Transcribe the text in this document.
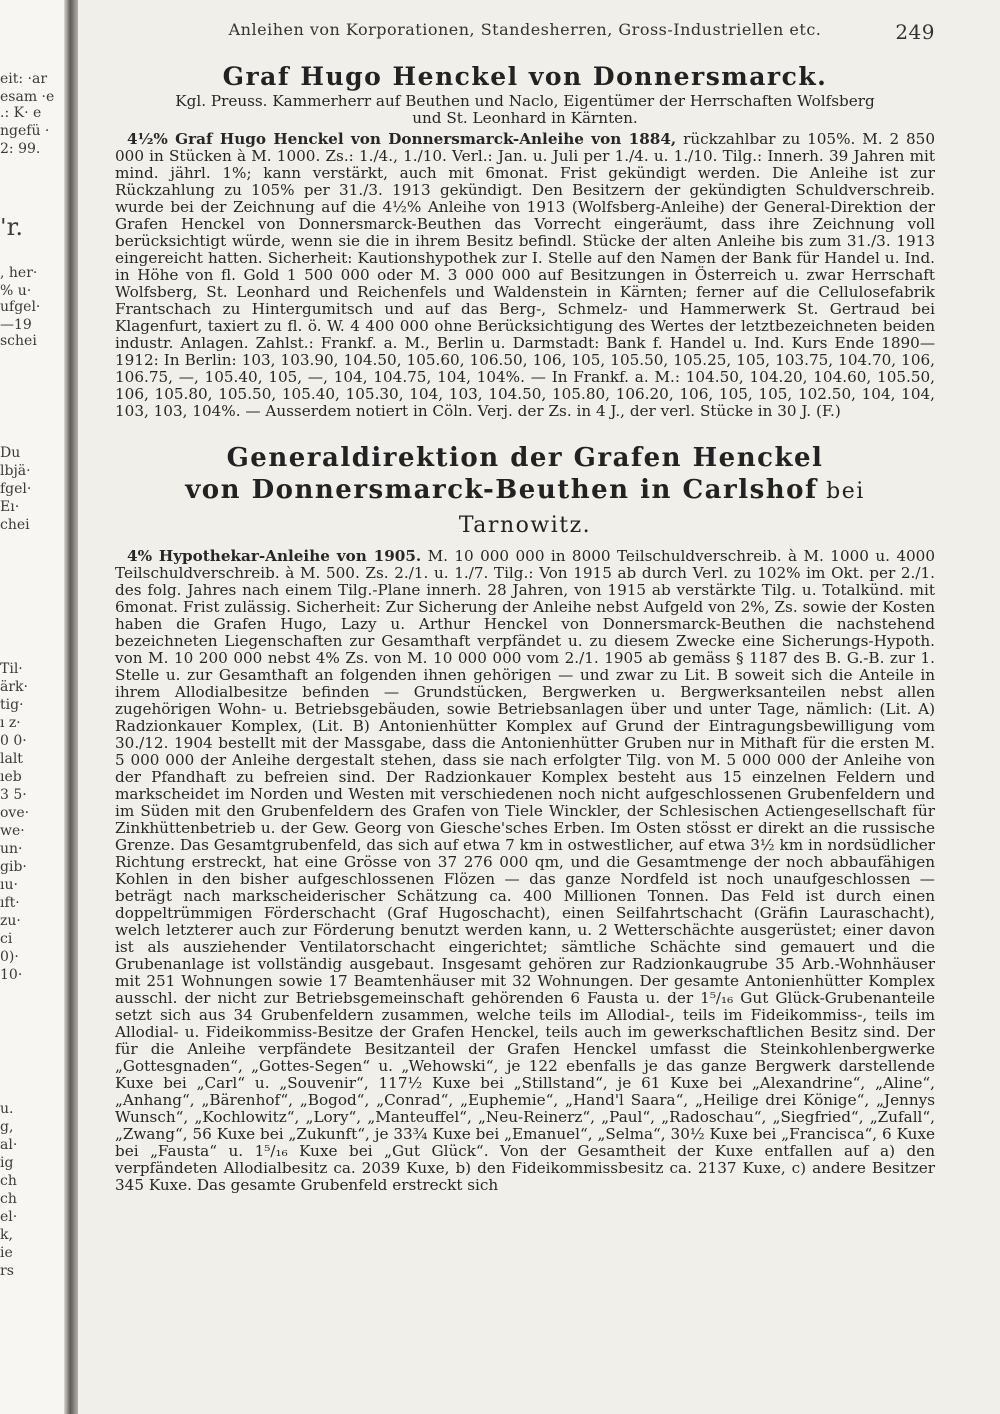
eit: ·ar
esam ·e
.: K· e
ngefü ·
2: 99.
'r.
, her·
% u·
ufgel·
—19
schei
Du
lbjä·
fgel·
Eı·
chei
Til·
ärk·
tig·
ı z·
0 0·
lalt
ıeb
3 5·
ove·
we·
un·
gib·
ıu·
ıft·
zu·
ci
0)·
10·
u.
g,
al·
ig
ch
ch
el·
k,
ie
rs
Anleihen von Korporationen, Standesherren, Gross-Industriellen etc.	249
Graf Hugo Henckel von Donnersmarck.
Kgl. Preuss. Kammerherr auf Beuthen und Naclo, Eigentümer der Herrschaften Wolfsberg
und St. Leonhard in Kärnten.

4½% Graf Hugo Henckel von Donnersmarck-Anleihe von 1884, rückzahlbar zu 105%. M. 2 850 000 in Stücken à M. 1000. Zs.: 1./4., 1./10. Verl.: Jan. u. Juli per 1./4. u. 1./10. Tilg.: Innerh. 39 Jahren mit mind. jährl. 1%; kann verstärkt, auch mit 6monat. Frist gekündigt werden. Die Anleihe ist zur Rückzahlung zu 105% per 31./3. 1913 gekündigt. Den Besitzern der gekündigten Schuldverschreib. wurde bei der Zeichnung auf die 4½% Anleihe von 1913 (Wolfsberg-Anleihe) der General-Direktion der Grafen Henckel von Donnersmarck-Beuthen das Vorrecht eingeräumt, dass ihre Zeichnung voll berücksichtigt würde, wenn sie die in ihrem Besitz befindl. Stücke der alten Anleihe bis zum 31./3. 1913 eingereicht hatten. Sicherheit: Kautionshypothek zur I. Stelle auf den Namen der Bank für Handel u. Ind. in Höhe von fl. Gold 1 500 000 oder M. 3 000 000 auf Besitzungen in Österreich u. zwar Herrschaft Wolfsberg, St. Leonhard und Reichenfels und Waldenstein in Kärnten; ferner auf die Cellulosefabrik Frantschach zu Hintergumitsch und auf das Berg-, Schmelz- und Hammerwerk St. Gertraud bei Klagenfurt, taxiert zu fl. ö. W. 4 400 000 ohne Berücksichtigung des Wertes der letztbezeichneten beiden industr. Anlagen. Zahlst.: Frankf. a. M., Berlin u. Darmstadt: Bank f. Handel u. Ind. Kurs Ende 1890—1912: In Berlin: 103, 103.90, 104.50, 105.60, 106.50, 106, 105, 105.50, 105.25, 105, 103.75, 104.70, 106, 106.75, —, 105.40, 105, —, 104, 104.75, 104, 104%. — In Frankf. a. M.: 104.50, 104.20, 104.60, 105.50, 106, 105.80, 105.50, 105.40, 105.30, 104, 103, 104.50, 105.80, 106.20, 106, 105, 105, 102.50, 104, 104, 103, 103, 104%. — Ausserdem notiert in Cöln. Verj. der Zs. in 4 J., der verl. Stücke in 30 J. (F.)

Generaldirektion der Grafen Henckel
von Donnersmarck-Beuthen in Carlshof bei Tarnowitz.

4% Hypothekar-Anleihe von 1905. M. 10 000 000 in 8000 Teilschuldverschreib. à M. 1000 u. 4000 Teilschuldverschreib. à M. 500. Zs. 2./1. u. 1./7. Tilg.: Von 1915 ab durch Verl. zu 102% im Okt. per 2./1. des folg. Jahres nach einem Tilg.-Plane innerh. 28 Jahren, von 1915 ab verstärkte Tilg. u. Totalkünd. mit 6monat. Frist zulässig. Sicherheit: Zur Sicherung der Anleihe nebst Aufgeld von 2%, Zs. sowie der Kosten haben die Grafen Hugo, Lazy u. Arthur Henckel von Donnersmarck-Beuthen die nachstehend bezeichneten Liegenschaften zur Gesamthaft verpfändet u. zu diesem Zwecke eine Sicherungs-Hypoth. von M. 10 200 000 nebst 4% Zs. von M. 10 000 000 vom 2./1. 1905 ab gemäss § 1187 des B. G.-B. zur 1. Stelle u. zur Gesamthaft an folgenden ihnen gehörigen — und zwar zu Lit. B soweit sich die Anteile in ihrem Allodialbesitze befinden — Grundstücken, Bergwerken u. Bergwerksanteilen nebst allen zugehörigen Wohn- u. Betriebsgebäuden, sowie Betriebsanlagen über und unter Tage, nämlich: (Lit. A) Radzionkauer Komplex, (Lit. B) Antonienhütter Komplex auf Grund der Eintragungsbewilligung vom 30./12. 1904 bestellt mit der Massgabe, dass die Antonienhütter Gruben nur in Mithaft für die ersten M. 5 000 000 der Anleihe dergestalt stehen, dass sie nach erfolgter Tilg. von M. 5 000 000 der Anleihe von der Pfandhaft zu befreien sind. Der Radzionkauer Komplex besteht aus 15 einzelnen Feldern und markscheidet im Norden und Westen mit verschiedenen noch nicht aufgeschlossenen Grubenfeldern und im Süden mit den Grubenfeldern des Grafen von Tiele Winckler, der Schlesischen Actiengesellschaft für Zinkhüttenbetrieb u. der Gew. Georg von Giesche'sches Erben. Im Osten stösst er direkt an die russische Grenze. Das Gesamtgrubenfeld, das sich auf etwa 7 km in ostwestlicher, auf etwa 3½ km in nordsüdlicher Richtung erstreckt, hat eine Grösse von 37 276 000 qm, und die Gesamtmenge der noch abbaufähigen Kohlen in den bisher aufgeschlossenen Flözen — das ganze Nordfeld ist noch unaufgeschlossen — beträgt nach markscheiderischer Schätzung ca. 400 Millionen Tonnen. Das Feld ist durch einen doppeltrümmigen Förderschacht (Graf Hugoschacht), einen Seilfahrtschacht (Gräfin Lauraschacht), welch letzterer auch zur Förderung benutzt werden kann, u. 2 Wetterschächte ausgerüstet; einer davon ist als ausziehender Ventilatorschacht eingerichtet; sämtliche Schächte sind gemauert und die Grubenanlage ist vollständig ausgebaut. Insgesamt gehören zur Radzionkaugrube 35 Arb.-Wohnhäuser mit 251 Wohnungen sowie 17 Beamtenhäuser mit 32 Wohnungen. Der gesamte Antonienhütter Komplex ausschl. der nicht zur Betriebsgemeinschaft gehörenden 6 Fausta u. der 1⁵/₁₆ Gut Glück-Grubenanteile setzt sich aus 34 Grubenfeldern zusammen, welche teils im Allodial-, teils im Fideikommiss-, teils im Allodial- u. Fideikommiss-Besitze der Grafen Henckel, teils auch im gewerkschaftlichen Besitz sind. Der für die Anleihe verpfändete Besitzanteil der Grafen Henckel umfasst die Steinkohlenbergwerke „Gottesgnaden“, „Gottes-Segen“ u. „Wehowski“, je 122 ebenfalls je das ganze Bergwerk darstellende Kuxe bei „Carl“ u. „Souvenir“, 117½ Kuxe bei „Stillstand“, je 61 Kuxe bei „Alexandrine“, „Aline“, „Anhang“, „Bärenhof“, „Bogod“, „Conrad“, „Euphemie“, „Hand'l Saara“, „Heilige drei Könige“, „Jennys Wunsch“, „Kochlowitz“, „Lory“, „Manteuffel“, „Neu-Reinerz“, „Paul“, „Radoschau“, „Siegfried“, „Zufall“, „Zwang“, 56 Kuxe bei „Zukunft“, je 33¾ Kuxe bei „Emanuel“, „Selma“, 30½ Kuxe bei „Francisca“, 6 Kuxe bei „Fausta“ u. 1⁵/₁₆ Kuxe bei „Gut Glück“. Von der Gesamtheit der Kuxe entfallen auf a) den verpfändeten Allodialbesitz ca. 2039 Kuxe, b) den Fideikommissbesitz ca. 2137 Kuxe, c) andere Besitzer 345 Kuxe. Das gesamte Grubenfeld erstreckt sich
